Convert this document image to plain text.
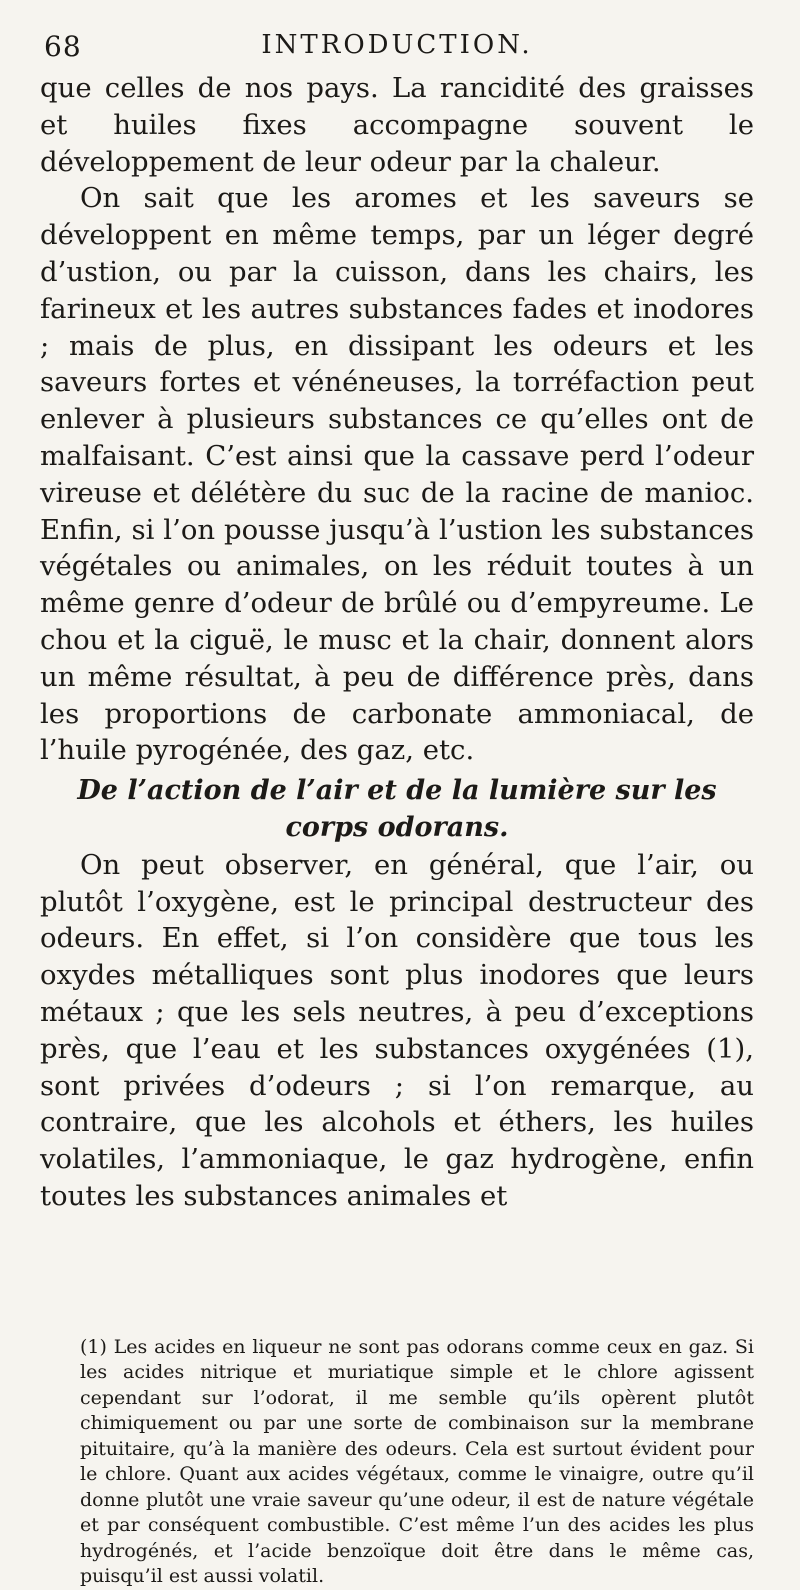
68	INTRODUCTION.

que celles de nos pays. La rancidité des graisses et huiles fixes accompagne souvent le développement de leur odeur par la chaleur.

On sait que les aromes et les saveurs se développent en même temps, par un léger degré d’ustion, ou par la cuisson, dans les chairs, les farineux et les autres substances fades et inodores ; mais de plus, en dissipant les odeurs et les saveurs fortes et vénéneuses, la torréfaction peut enlever à plusieurs substances ce qu’elles ont de malfaisant. C’est ainsi que la cassave perd l’odeur vireuse et délétère du suc de la racine de manioc. Enfin, si l’on pousse jusqu’à l’ustion les substances végétales ou animales, on les réduit toutes à un même genre d’odeur de brûlé ou d’empyreume. Le chou et la ciguë, le musc et la chair, donnent alors un même résultat, à peu de différence près, dans les proportions de carbonate ammoniacal, de l’huile pyrogénée, des gaz, etc.

De l’action de l’air et de la lumière sur les corps odorans.

On peut observer, en général, que l’air, ou plutôt l’oxygène, est le principal destructeur des odeurs. En effet, si l’on considère que tous les oxydes métalliques sont plus inodores que leurs métaux ; que les sels neutres, à peu d’exceptions près, que l’eau et les substances oxygénées (1), sont privées d’odeurs ; si l’on remarque, au contraire, que les alcohols et éthers, les huiles volatiles, l’ammoniaque, le gaz hydrogène, enfin toutes les substances animales et

(1) Les acides en liqueur ne sont pas odorans comme ceux en gaz. Si les acides nitrique et muriatique simple et le chlore agissent cependant sur l’odorat, il me semble qu’ils opèrent plutôt chimiquement ou par une sorte de combinaison sur la membrane pituitaire, qu’à la manière des odeurs. Cela est surtout évident pour le chlore. Quant aux acides végétaux, comme le vinaigre, outre qu’il donne plutôt une vraie saveur qu’une odeur, il est de nature végétale et par conséquent combustible. C’est même l’un des acides les plus hydrogénés, et l’acide benzoïque doit être dans le même cas, puisqu’il est aussi volatil.
